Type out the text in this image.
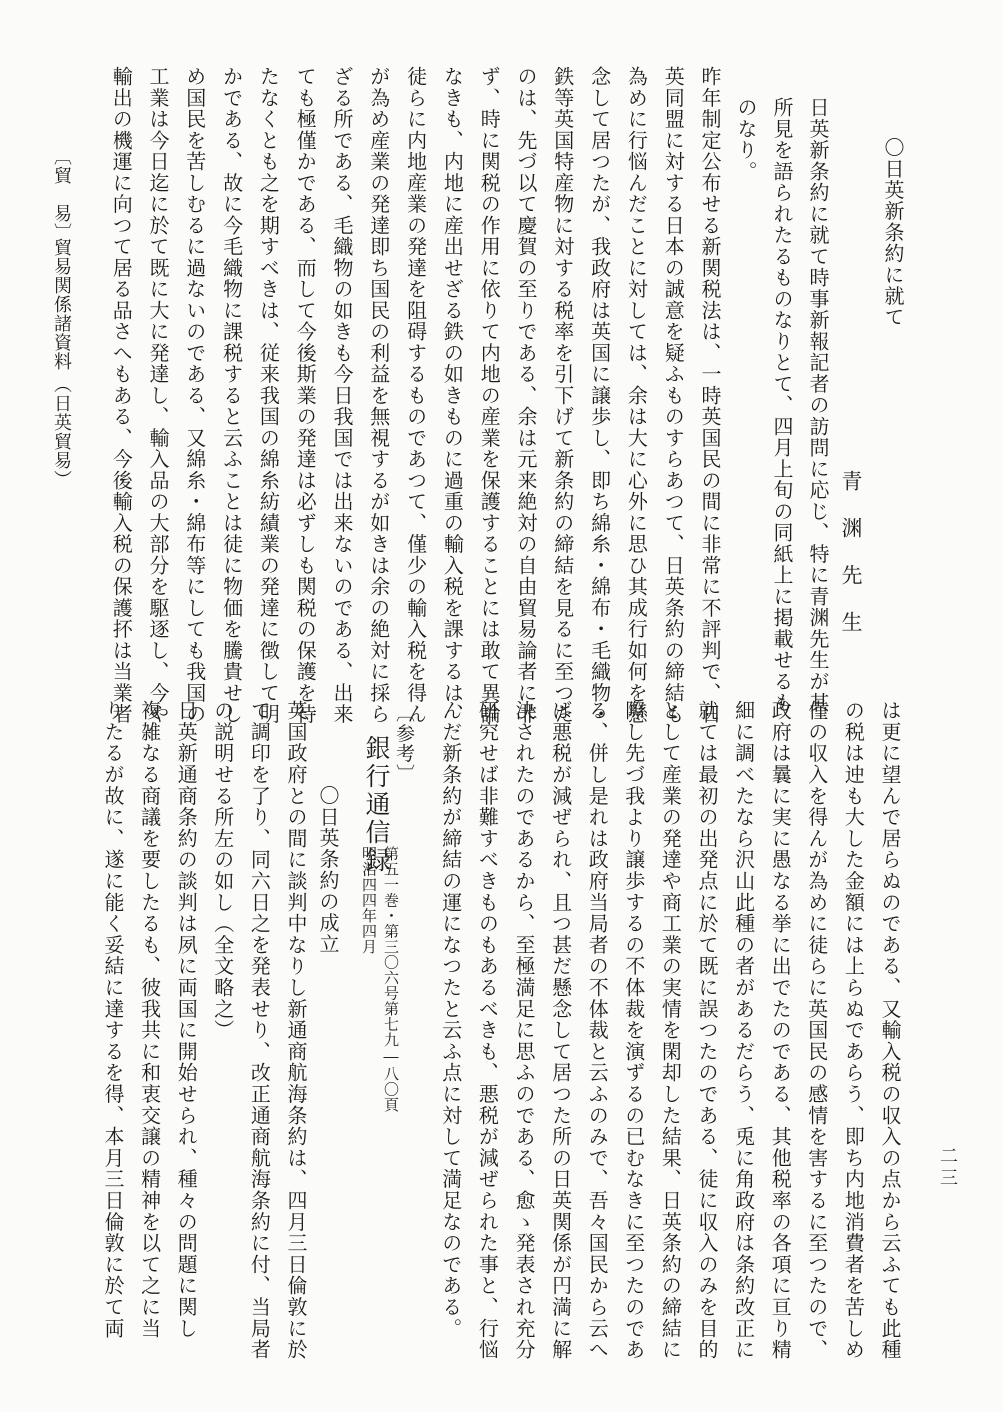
〇日英新条約に就て
青渊先生
日英新条約に就て時事新報記者の訪問に応じ、特に青渊先生が其
所見を語られたるものなりとて、四月上旬の同紙上に掲載せるも
のなり。
昨年制定公布せる新関税法は、一時英国民の間に非常に不評判で、日
英同盟に対する日本の誠意を疑ふものすらあつて、日英条約の締結も
為めに行悩んだことに対しては、余は大に心外に思ひ其成行如何を懸
念して居つたが、我政府は英国に譲歩し、即ち綿糸・綿布・毛織物・
鉄等英国特産物に対する税率を引下げて新条約の締結を見るに至つた
のは、先づ以て慶賀の至りである、余は元来絶対の自由貿易論者に非
ず、時に関税の作用に依りて内地の産業を保護することには敢て異論
なきも、内地に産出せざる鉄の如きものに過重の輸入税を課するは、
徒らに内地産業の発達を阻碍するものであつて、僅少の輸入税を得ん
が為め産業の発達即ち国民の利益を無視するが如きは余の絶対に採ら
ざる所である、毛織物の如きも今日我国では出来ないのである、出来
ても極僅かである、而して今後斯業の発達は必ずしも関税の保護を待
たなくとも之を期すべきは、従来我国の綿糸紡績業の発達に徴して明
かである、故に今毛織物に課税すると云ふことは徒に物価を騰貴せし
め国民を苦しむるに過ないのである、又綿糸・綿布等にしても我国の
工業は今日迄に於て既に大に発達し、輸入品の大部分を駆逐し、今や
輸出の機運に向つて居る品さへもある、今後輸入税の保護抔は当業者
は更に望んで居らぬのである、又輸入税の収入の点から云ふても此種
の税は迚も大した金額には上らぬであらう、即ち内地消費者を苦しめ
僅の収入を得んが為めに徒らに英国民の感情を害するに至つたので、
政府は曩に実に愚なる挙に出でたのである、其他税率の各項に亘り精
細に調べたなら沢山此種の者があるだらう、兎に角政府は条約改正に
就ては最初の出発点に於て既に誤つたのである、徒に収入のみを目的
として産業の発達や商工業の実情を閑却した結果、日英条約の締結に
際し先づ我より譲歩するの不体裁を演ずるの已むなきに至つたのであ
る、併し是れは政府当局者の不体裁と云ふのみで、吾々国民から云へ
ば悪税が減ぜられ、且つ甚だ懸念して居つた所の日英関係が円満に解
決されたのであるから、至極満足に思ふのである、愈ゝ発表され充分
研究せば非難すべきものもあるべきも、悪税が減ぜられた事と、行悩
んだ新条約が締結の運になつたと云ふ点に対して満足なのである。
〔参考〕
銀行通信録
第五一巻・第三〇六号第七九―八〇頁
明治四四年四月
〇日英条約の成立
英国政府との間に談判中なりし新通商航海条約は、四月三日倫敦に於
て調印を了り、同六日之を発表せり、改正通商航海条約に付、当局者
の説明せる所左の如し（全文略之）
日英新通商条約の談判は夙に両国に開始せられ、種々の問題に関し
複雑なる商議を要したるも、彼我共に和衷交譲の精神を以て之に当
りたるが故に、遂に能く妥結に達するを得、本月三日倫敦に於て両
〔貿　易〕
貿易関係諸資料
（日英貿易）
二三
